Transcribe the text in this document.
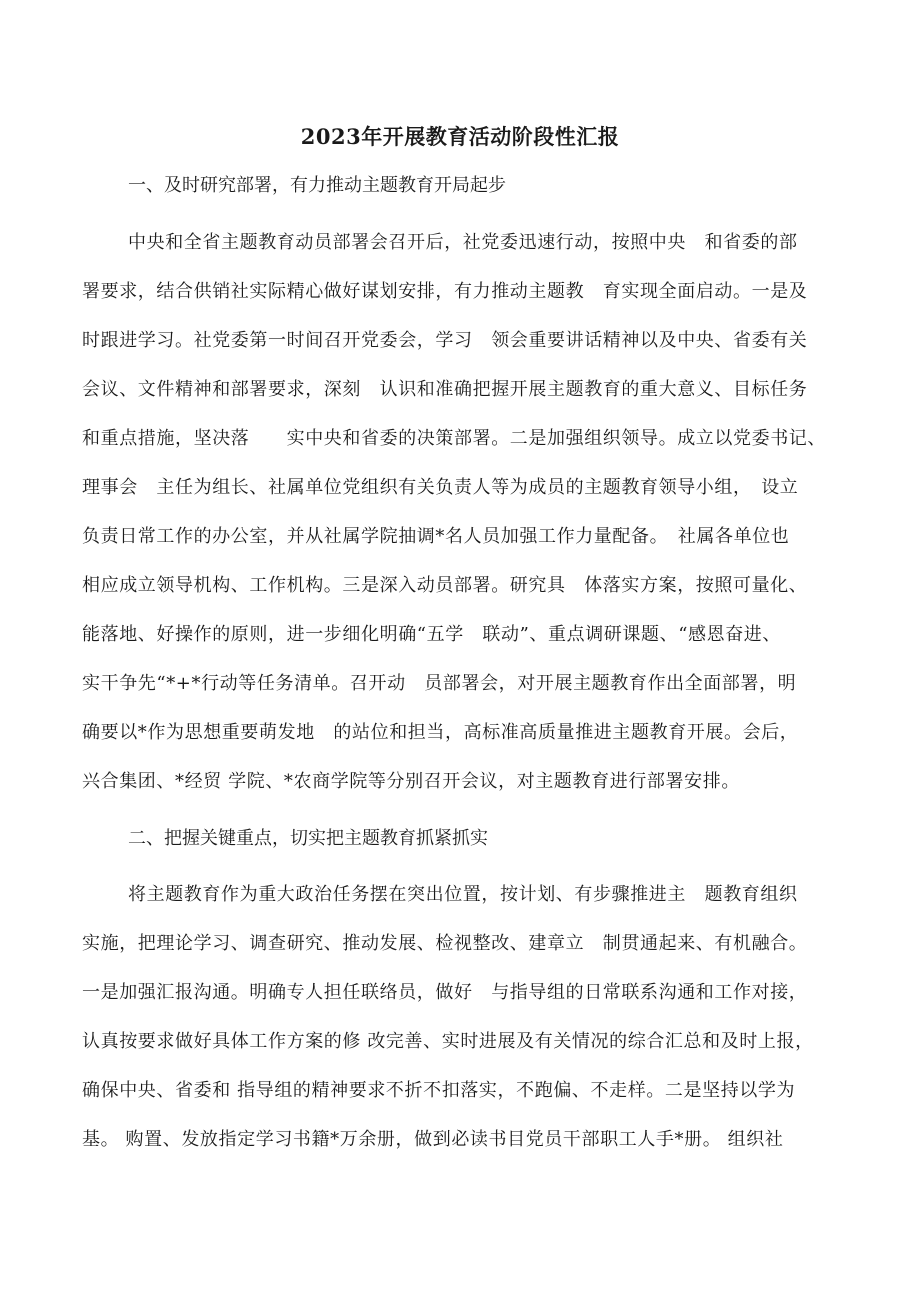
2023年开展教育活动阶段性汇报
一、及时研究部署，有力推动主题教育开局起步
中央和全省主题教育动员部署会召开后，社党委迅速行动，按照中央　和省委的部
署要求，结合供销社实际精心做好谋划安排，有力推动主题教　育实现全面启动。一是及
时跟进学习。社党委第一时间召开党委会，学习　领会重要讲话精神以及中央、省委有关
会议、文件精神和部署要求，深刻　认识和准确把握开展主题教育的重大意义、目标任务
和重点措施，坚决落　　实中央和省委的决策部署。二是加强组织领导。成立以党委书记、
理事会　主任为组长、社属单位党组织有关负责人等为成员的主题教育领导小组，　设立
负责日常工作的办公室，并从社属学院抽调*名人员加强工作力量配备。　社属各单位也
相应成立领导机构、工作机构。三是深入动员部署。研究具　体落实方案，按照可量化、
能落地、好操作的原则，进一步细化明确“五学　联动”、重点调研课题、“感恩奋进、
实干争先“*+*行动等任务清单。召开动　员部署会，对开展主题教育作出全面部署，明
确要以*作为思想重要萌发地　的站位和担当，高标准高质量推进主题教育开展。会后，
兴合集团、*经贸 学院、*农商学院等分别召开会议，对主题教育进行部署安排。
二、把握关键重点，切实把主题教育抓紧抓实
将主题教育作为重大政治任务摆在突出位置，按计划、有步骤推进主　题教育组织
实施，把理论学习、调查研究、推动发展、检视整改、建章立　制贯通起来、有机融合。
一是加强汇报沟通。明确专人担任联络员，做好　与指导组的日常联系沟通和工作对接，
认真按要求做好具体工作方案的修 改完善、实时进展及有关情况的综合汇总和及时上报，
确保中央、省委和 指导组的精神要求不折不扣落实，不跑偏、不走样。二是坚持以学为
基。 购置、发放指定学习书籍*万余册，做到必读书目党员干部职工人手*册。 组织社
